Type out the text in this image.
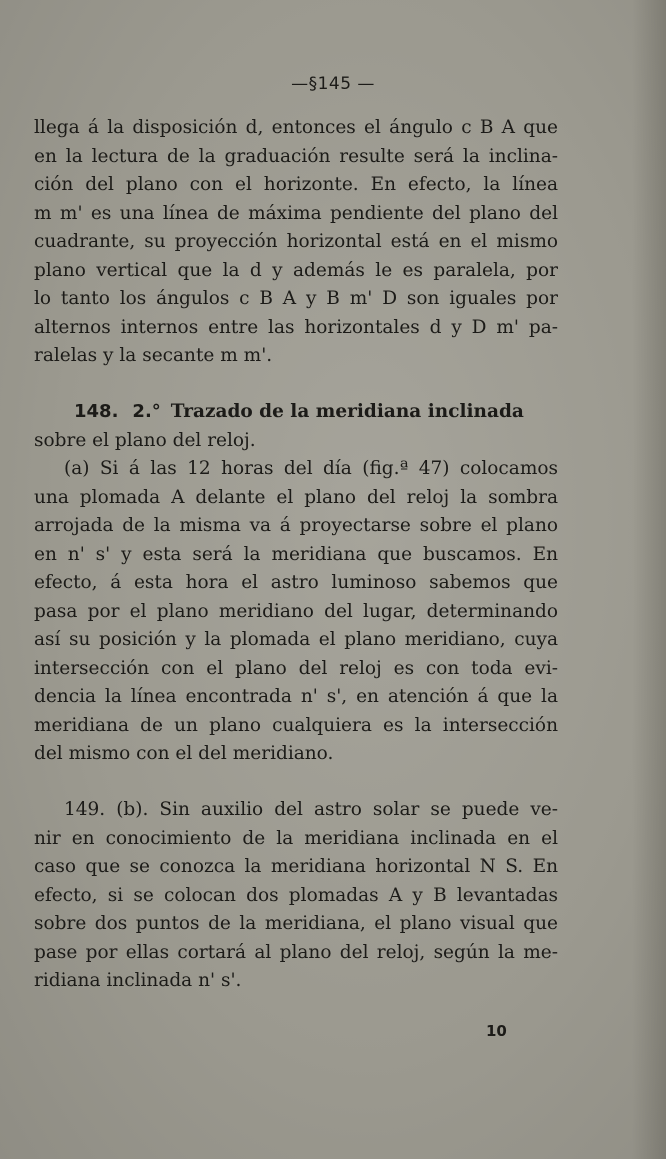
—§145 —
llega á la disposición d, entonces el ángulo c B A que
en la lectura de la graduación resulte será la inclina-
ción del plano con el horizonte. En efecto, la línea
m m' es una línea de máxima pendiente del plano del
cuadrante, su proyección horizontal está en el mismo
plano vertical que la d y además le es paralela, por
lo tanto los ángulos c B A y B m' D son iguales por
alternos internos entre las horizontales d y D m' pa-
ralelas y la secante m m'.
148. 2.° Trazado de la meridiana inclinada
sobre el plano del reloj.
(a) Si á las 12 horas del día (fig.ª 47) colocamos
una plomada A delante el plano del reloj la sombra
arrojada de la misma va á proyectarse sobre el plano
en n' s' y esta será la meridiana que buscamos. En
efecto, á esta hora el astro luminoso sabemos que
pasa por el plano meridiano del lugar, determinando
así su posición y la plomada el plano meridiano, cuya
intersección con el plano del reloj es con toda evi-
dencia la línea encontrada n' s', en atención á que la
meridiana de un plano cualquiera es la intersección
del mismo con el del meridiano.
149. (b). Sin auxilio del astro solar se puede ve-
nir en conocimiento de la meridiana inclinada en el
caso que se conozca la meridiana horizontal N S. En
efecto, si se colocan dos plomadas A y B levantadas
sobre dos puntos de la meridiana, el plano visual que
pase por ellas cortará al plano del reloj, según la me-
ridiana inclinada n' s'.
10
